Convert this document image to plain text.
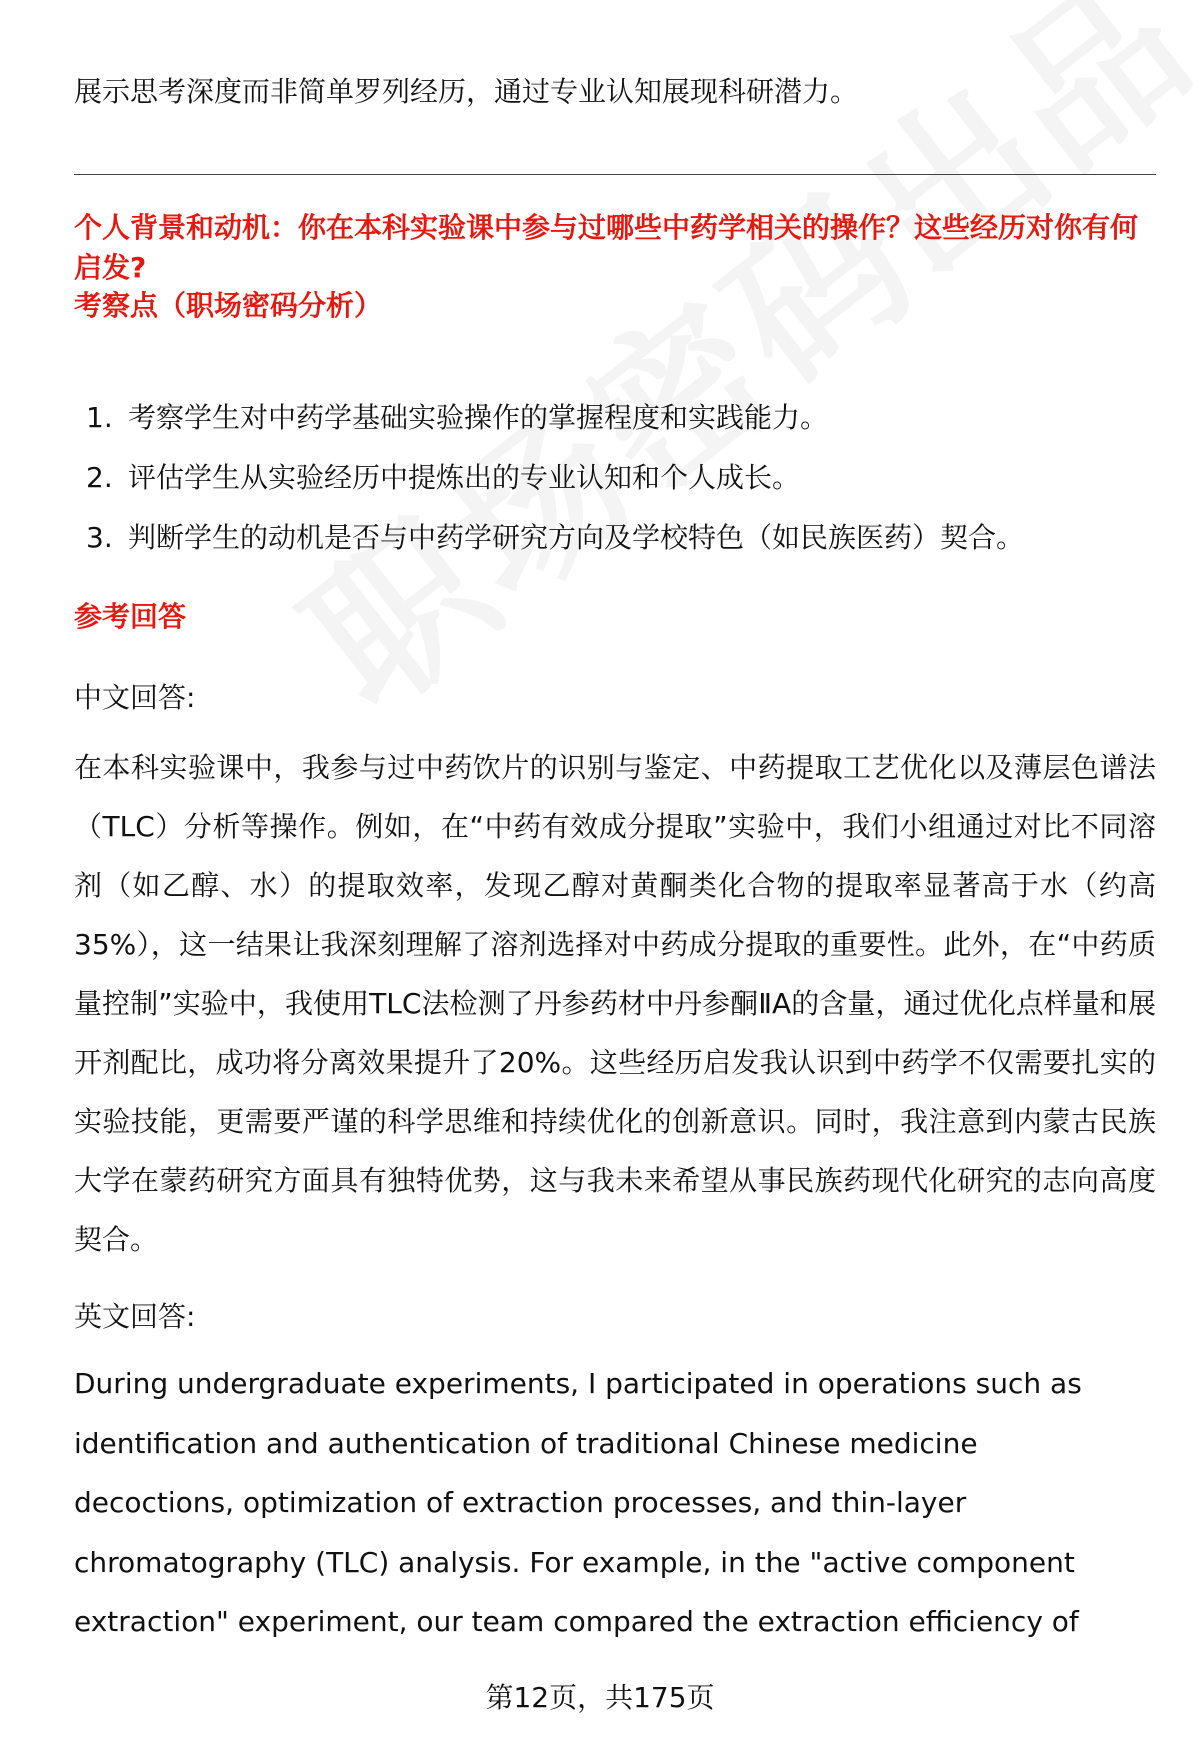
展示思考深度而非简单罗列经历，通过专业认知展现科研潜力。

个人背景和动机：你在本科实验课中参与过哪些中药学相关的操作？这些经历对你有何启发?

考察点（职场密码分析）

1. 考察学生对中药学基础实验操作的掌握程度和实践能力。
2. 评估学生从实验经历中提炼出的专业认知和个人成长。
3. 判断学生的动机是否与中药学研究方向及学校特色（如民族医药）契合。

参考回答

中文回答:

在本科实验课中，我参与过中药饮片的识别与鉴定、中药提取工艺优化以及薄层色谱法（TLC）分析等操作。例如，在“中药有效成分提取”实验中，我们小组通过对比不同溶剂（如乙醇、水）的提取效率，发现乙醇对黄酮类化合物的提取率显著高于水（约高35%），这一结果让我深刻理解了溶剂选择对中药成分提取的重要性。此外，在“中药质量控制”实验中，我使用TLC法检测了丹参药材中丹参酮ⅡA的含量，通过优化点样量和展开剂配比，成功将分离效果提升了20%。这些经历启发我认识到中药学不仅需要扎实的实验技能，更需要严谨的科学思维和持续优化的创新意识。同时，我注意到内蒙古民族大学在蒙药研究方面具有独特优势，这与我未来希望从事民族药现代化研究的志向高度契合。

英文回答:

During undergraduate experiments, I participated in operations such as identification and authentication of traditional Chinese medicine decoctions, optimization of extraction processes, and thin-layer chromatography (TLC) analysis. For example, in the "active component extraction" experiment, our team compared the extraction efficiency of

第12页，共175页
